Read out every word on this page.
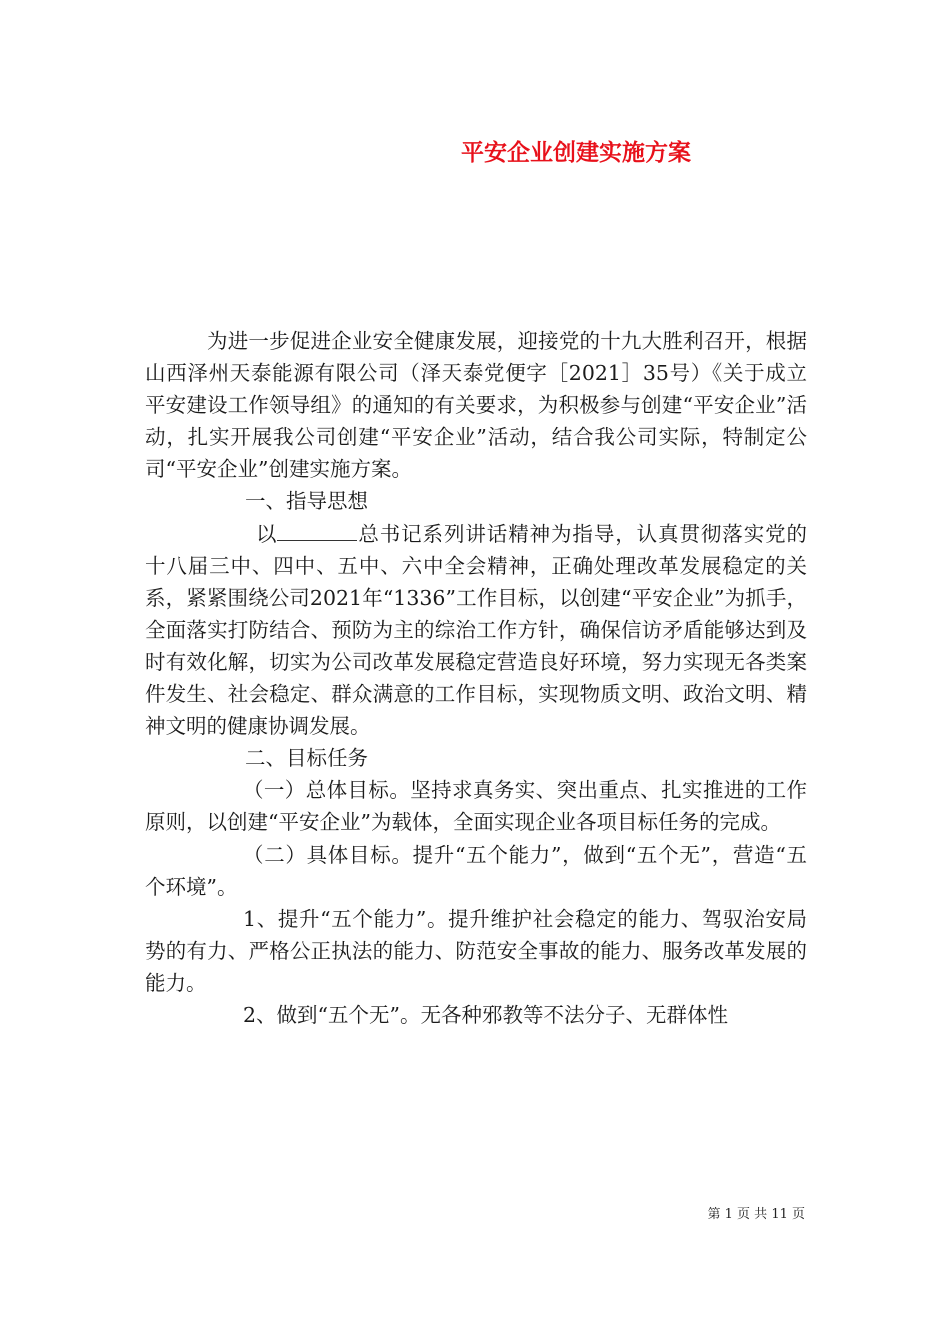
平安企业创建实施方案

为进一步促进企业安全健康发展，迎接党的十九大胜利召开，根据山西泽州天泰能源有限公司（泽天泰党便字［2021］35号）《关于成立平安建设工作领导组》的通知的有关要求，为积极参与创建“平安企业”活动，扎实开展我公司创建“平安企业”活动，结合我公司实际，特制定公司“平安企业”创建实施方案。

一、指导思想

以	总书记系列讲话精神为指导，认真贯彻落实党的十八届三中、四中、五中、六中全会精神，正确处理改革发展稳定的关系，紧紧围绕公司2021年“1336”工作目标，以创建“平安企业”为抓手，全面落实打防结合、预防为主的综治工作方针，确保信访矛盾能够达到及时有效化解，切实为公司改革发展稳定营造良好环境，努力实现无各类案件发生、社会稳定、群众满意的工作目标，实现物质文明、政治文明、精神文明的健康协调发展。

二、目标任务

（一）总体目标。坚持求真务实、突出重点、扎实推进的工作原则，以创建“平安企业”为载体，全面实现企业各项目标任务的完成。

（二）具体目标。提升“五个能力”，做到“五个无”，营造“五个环境”。

1、提升“五个能力”。提升维护社会稳定的能力、驾驭治安局势的有力、严格公正执法的能力、防范安全事故的能力、服务改革发展的能力。

2、做到“五个无”。无各种邪教等不法分子、无群体性

第 1 页 共 11 页
